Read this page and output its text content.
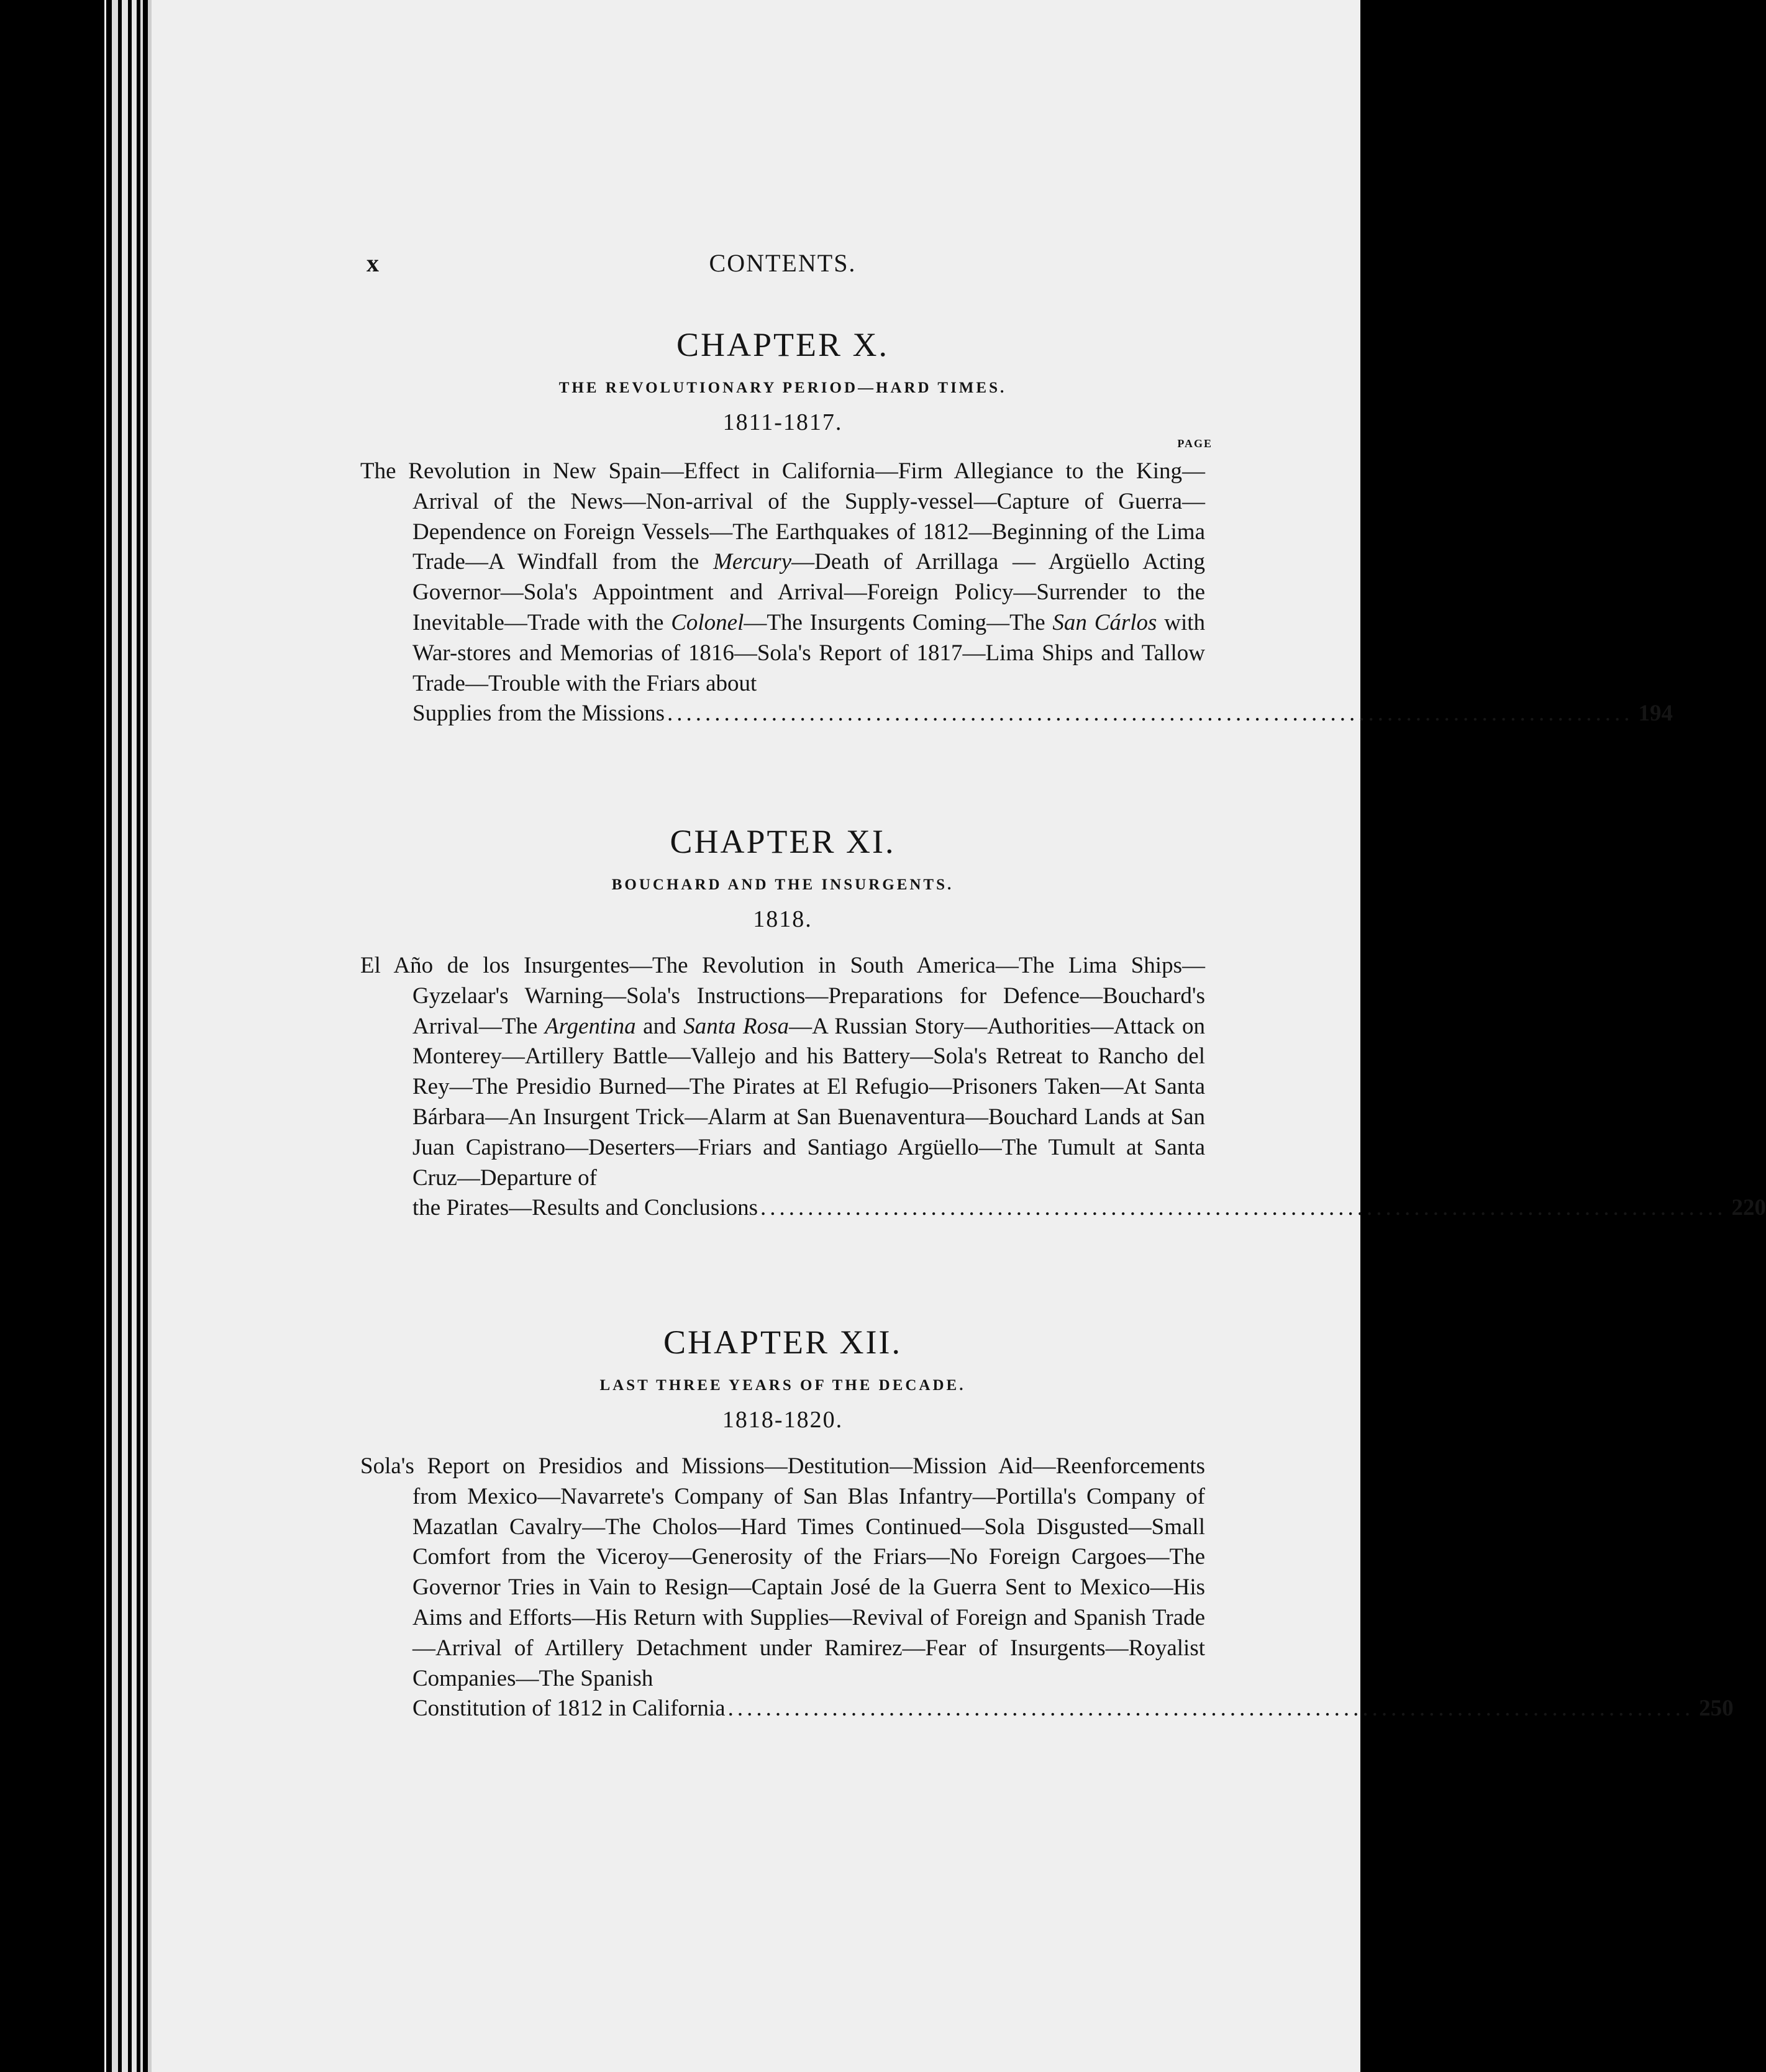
x	CONTENTS.
CHAPTER X.
THE REVOLUTIONARY PERIOD—HARD TIMES.
1811-1817.
PAGE
The Revolution in New Spain—Effect in California—Firm Allegiance to the King—Arrival of the News—Non-arrival of the Supply-vessel—Capture of Guerra—Dependence on Foreign Vessels—The Earthquakes of 1812—Beginning of the Lima Trade—A Windfall from the Mercury—Death of Arrillaga — Argüello Acting Governor—Sola's Appointment and Arrival—Foreign Policy—Surrender to the Inevitable—Trade with the Colonel—The Insurgents Coming—The San Cárlos with War-stores and Memorias of 1816—Sola's Report of 1817—Lima Ships and Tallow Trade—Trouble with the Friars about
Supplies from the Missions ...................................................................................................... 194
CHAPTER XI.
BOUCHARD AND THE INSURGENTS.
1818.
El Año de los Insurgentes—The Revolution in South America—The Lima Ships—Gyzelaar's Warning—Sola's Instructions—Preparations for Defence—Bouchard's Arrival—The Argentina and Santa Rosa—A Russian Story—Authorities—Attack on Monterey—Artillery Battle—Vallejo and his Battery—Sola's Retreat to Rancho del Rey—The Presidio Burned—The Pirates at El Refugio—Prisoners Taken—At Santa Bárbara—An Insurgent Trick—Alarm at San Buenaventura—Bouchard Lands at San Juan Capistrano—Deserters—Friars and Santiago Argüello—The Tumult at Santa Cruz—Departure of
the Pirates—Results and Conclusions ...................................................................................................... 220
CHAPTER XII.
LAST THREE YEARS OF THE DECADE.
1818-1820.
Sola's Report on Presidios and Missions—Destitution—Mission Aid—Reenforcements from Mexico—Navarrete's Company of San Blas Infantry—Portilla's Company of Mazatlan Cavalry—The Cholos—Hard Times Continued—Sola Disgusted—Small Comfort from the Viceroy—Generosity of the Friars—No Foreign Cargoes—The Governor Tries in Vain to Resign—Captain José de la Guerra Sent to Mexico—His Aims and Efforts—His Return with Supplies—Revival of Foreign and Spanish Trade—Arrival of Artillery Detachment under Ramirez—Fear of Insurgents—Royalist Companies—The Spanish
Constitution of 1812 in California ...................................................................................................... 250
